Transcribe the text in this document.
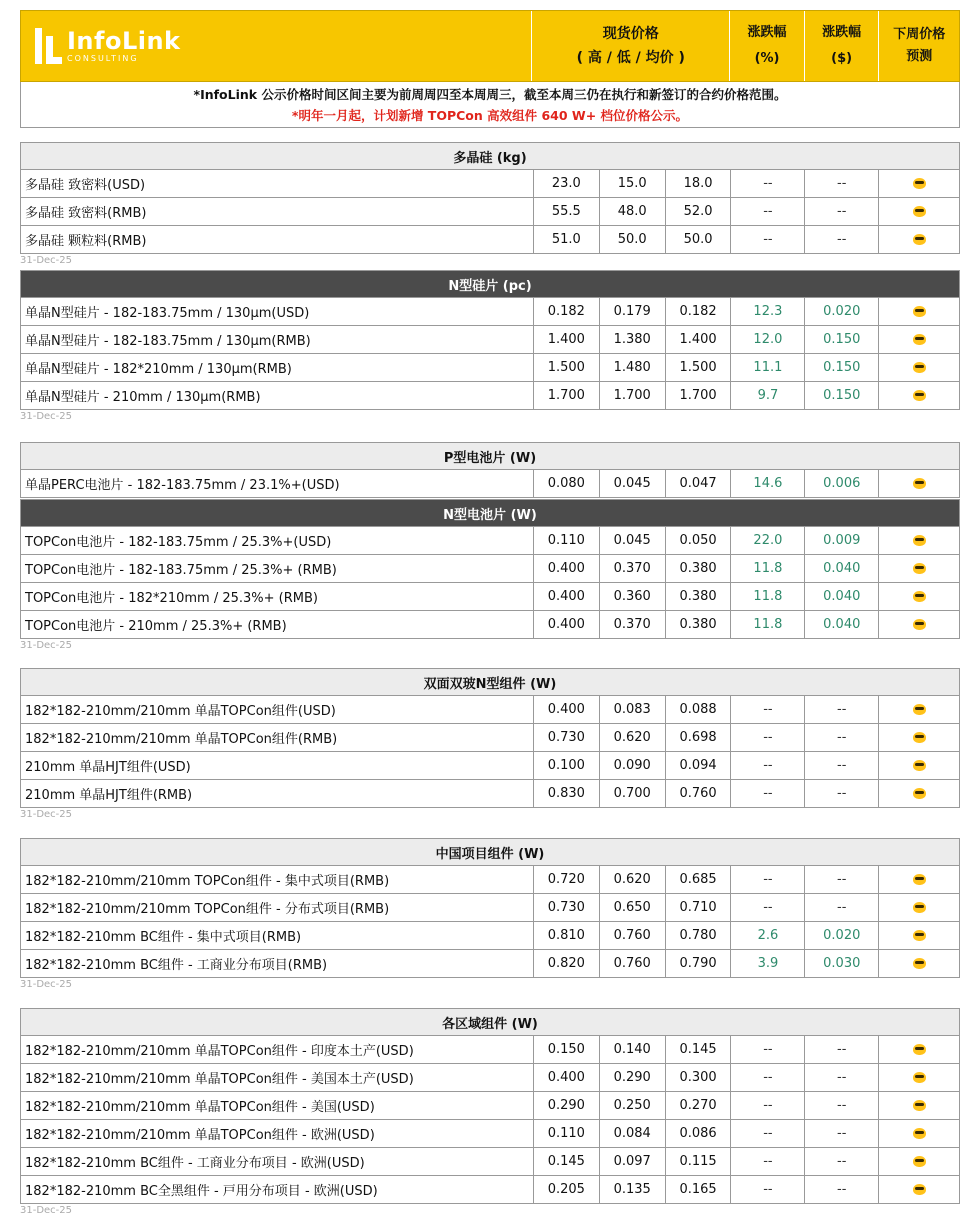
InfoLink
CONSULTING
现货价格
( 高 / 低 / 均价 )
涨跌幅
(%)
涨跌幅
($)
下周价格
预测
*InfoLink 公示价格时间区间主要为前周周四至本周周三，截至本周三仍在执行和新签订的合约价格范围。
*明年一月起，计划新增 TOPCon 高效组件 640 W+ 档位价格公示。
多晶硅 (kg)
多晶硅 致密料(USD)	23.0	15.0	18.0	--	--
多晶硅 致密料(RMB)	55.5	48.0	52.0	--	--
多晶硅 颗粒料(RMB)	51.0	50.0	50.0	--	--
31-Dec-25
N型硅片 (pc)
单晶N型硅片 - 182-183.75mm / 130μm(USD)	0.182	0.179	0.182	12.3	0.020
单晶N型硅片 - 182-183.75mm / 130μm(RMB)	1.400	1.380	1.400	12.0	0.150
单晶N型硅片 - 182*210mm / 130μm(RMB)	1.500	1.480	1.500	11.1	0.150
单晶N型硅片 - 210mm / 130μm(RMB)	1.700	1.700	1.700	9.7	0.150
31-Dec-25
P型电池片 (W)
单晶PERC电池片 - 182-183.75mm / 23.1%+(USD)	0.080	0.045	0.047	14.6	0.006
N型电池片 (W)
TOPCon电池片 - 182-183.75mm / 25.3%+(USD)	0.110	0.045	0.050	22.0	0.009
TOPCon电池片 - 182-183.75mm / 25.3%+ (RMB)	0.400	0.370	0.380	11.8	0.040
TOPCon电池片 - 182*210mm / 25.3%+ (RMB)	0.400	0.360	0.380	11.8	0.040
TOPCon电池片 - 210mm / 25.3%+ (RMB)	0.400	0.370	0.380	11.8	0.040
31-Dec-25
双面双玻N型组件 (W)
182*182-210mm/210mm 单晶TOPCon组件(USD)	0.400	0.083	0.088	--	--
182*182-210mm/210mm 单晶TOPCon组件(RMB)	0.730	0.620	0.698	--	--
210mm 单晶HJT组件(USD)	0.100	0.090	0.094	--	--
210mm 单晶HJT组件(RMB)	0.830	0.700	0.760	--	--
31-Dec-25
中国项目组件 (W)
182*182-210mm/210mm TOPCon组件 - 集中式项目(RMB)	0.720	0.620	0.685	--	--
182*182-210mm/210mm TOPCon组件 - 分布式项目(RMB)	0.730	0.650	0.710	--	--
182*182-210mm BC组件 - 集中式项目(RMB)	0.810	0.760	0.780	2.6	0.020
182*182-210mm BC组件 - 工商业分布项目(RMB)	0.820	0.760	0.790	3.9	0.030
31-Dec-25
各区域组件 (W)
182*182-210mm/210mm 单晶TOPCon组件 - 印度本土产(USD)	0.150	0.140	0.145	--	--
182*182-210mm/210mm 单晶TOPCon组件 - 美国本土产(USD)	0.400	0.290	0.300	--	--
182*182-210mm/210mm 单晶TOPCon组件 - 美国(USD)	0.290	0.250	0.270	--	--
182*182-210mm/210mm 单晶TOPCon组件 - 欧洲(USD)	0.110	0.084	0.086	--	--
182*182-210mm BC组件 - 工商业分布项目 - 欧洲(USD)	0.145	0.097	0.115	--	--
182*182-210mm BC全黑组件 - 戸用分布项目 - 欧洲(USD)	0.205	0.135	0.165	--	--
31-Dec-25
